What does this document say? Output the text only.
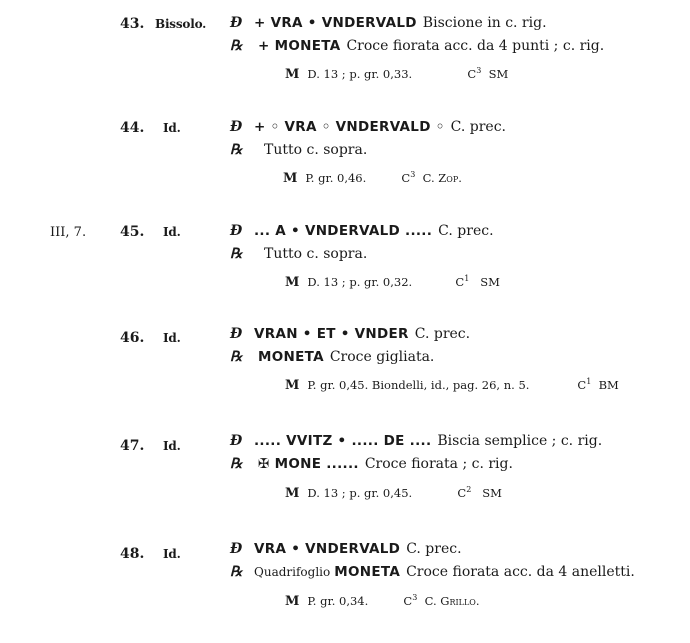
43. Bissolo. Ɖ + VRA • VNDERVALD Biscione in c. rig.
℞ + MONETA Croce fiorata acc. da 4 punti ; c. rig.
M D. 13 ; p. gr. 0,33.	$C^3$ SM
44. Id.	Ɖ + ◦ VRA ◦ VNDERVALD ◦ C. prec.
℞ Tutto c. sopra.
M P. gr. 0,46.	$C^3$ C. Zop.
III, 7. 45. Id.	Ɖ ... A • VNDERVALD ..... C. prec.
℞ Tutto c. sopra.
M D. 13 ; p. gr. 0,32.	$C^1$ SM
46. Id.	Ɖ VRAN • ET • VNDER C. prec.
℞ MONETA Croce gigliata.
M P. gr. 0,45. Biondelli, id., pag. 26, n. 5.	$C^1$ BM
47. Id.	Ɖ ..... VVITZ • ..... DE .... Biscia semplice ; c. rig.
℞ ✠ MONE ...... Croce fiorata ; c. rig.
M D. 13 ; p. gr. 0,45.	$C^2$ SM
48. Id.	Ɖ VRA • VNDERVALD C. prec.
℞ Quadrifoglio MONETA Croce fiorata acc. da 4 anelletti.
M P. gr. 0,34.	$C^3$ C. Grillo.
